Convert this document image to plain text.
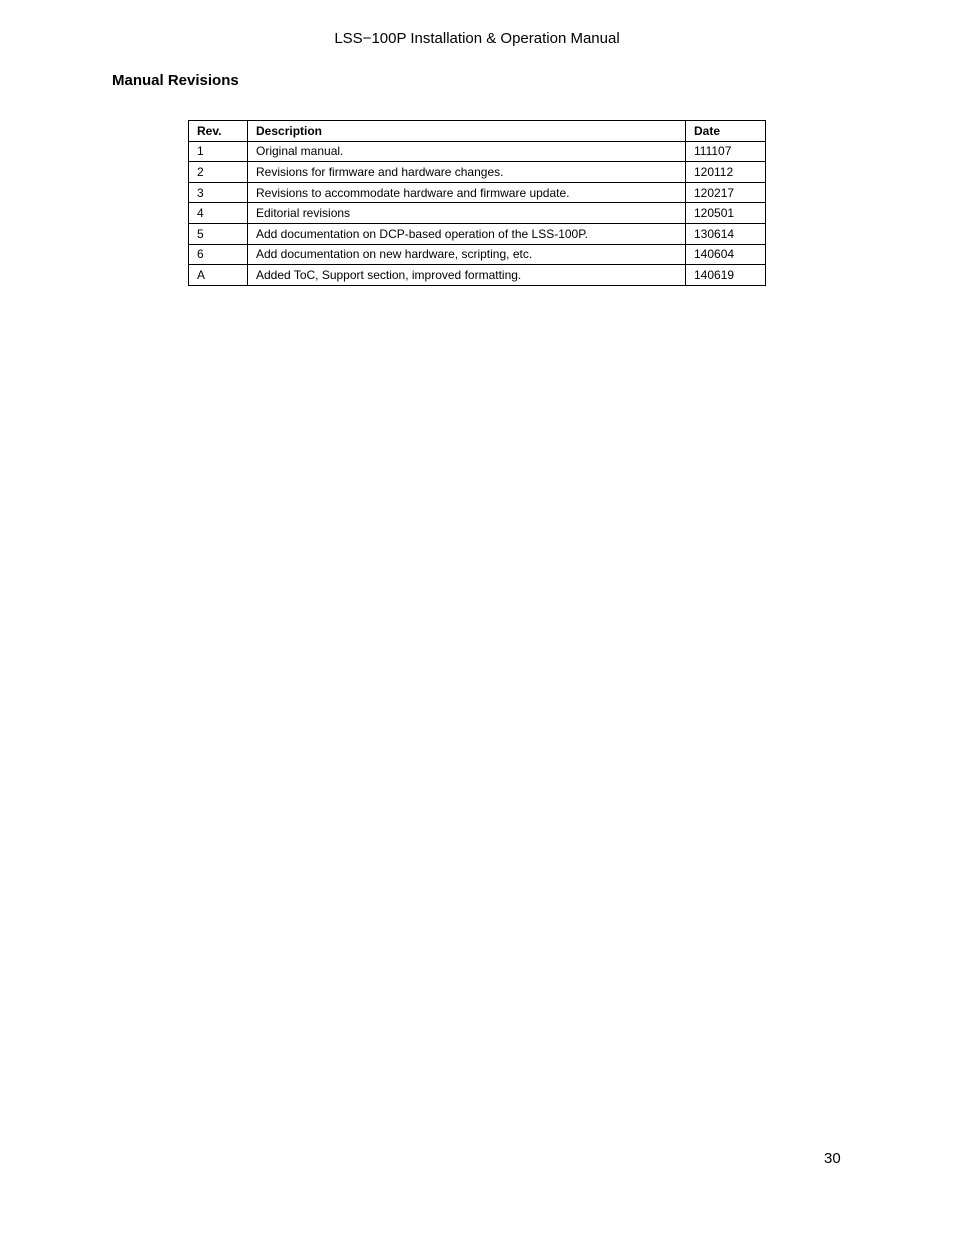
LSS−100P Installation & Operation Manual
Manual Revisions
Rev.	Description	Date
1	Original manual.	111107
2	Revisions for firmware and hardware changes.	120112
3	Revisions to accommodate hardware and firmware update.	120217
4	Editorial revisions	120501
5	Add documentation on DCP-based operation of the LSS-100P.	130614
6	Add documentation on new hardware, scripting, etc.	140604
A	Added ToC, Support section, improved formatting.	140619
30
